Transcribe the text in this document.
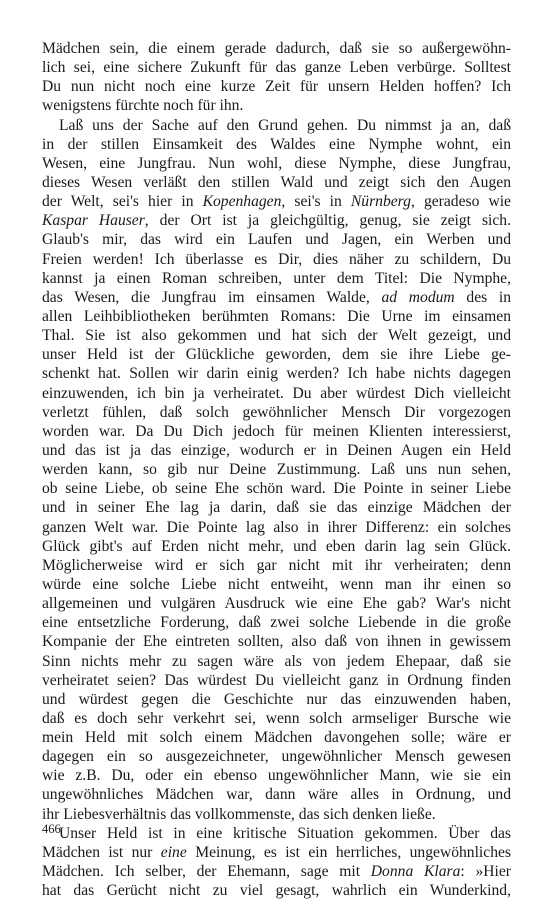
Mädchen sein, die einem gerade dadurch, daß sie so außergewöhn-
lich sei, eine sichere Zukunft für das ganze Leben verbürge. Solltest
Du nun nicht noch eine kurze Zeit für unsern Helden hoffen? Ich
wenigstens fürchte noch für ihn.
Laß uns der Sache auf den Grund gehen. Du nimmst ja an, daß
in der stillen Einsamkeit des Waldes eine Nymphe wohnt, ein
Wesen, eine Jungfrau. Nun wohl, diese Nymphe, diese Jungfrau,
dieses Wesen verläßt den stillen Wald und zeigt sich den Augen
der Welt, sei's hier in Kopenhagen, sei's in Nürnberg, geradeso wie
Kaspar Hauser, der Ort ist ja gleichgültig, genug, sie zeigt sich.
Glaub's mir, das wird ein Laufen und Jagen, ein Werben und
Freien werden! Ich überlasse es Dir, dies näher zu schildern, Du
kannst ja einen Roman schreiben, unter dem Titel: Die Nymphe,
das Wesen, die Jungfrau im einsamen Walde, ad modum des in
allen Leihbibliotheken berühmten Romans: Die Urne im einsamen
Thal. Sie ist also gekommen und hat sich der Welt gezeigt, und
unser Held ist der Glückliche geworden, dem sie ihre Liebe ge-
schenkt hat. Sollen wir darin einig werden? Ich habe nichts dagegen
einzuwenden, ich bin ja verheiratet. Du aber würdest Dich vielleicht
verletzt fühlen, daß solch gewöhnlicher Mensch Dir vorgezogen
worden war. Da Du Dich jedoch für meinen Klienten interessierst,
und das ist ja das einzige, wodurch er in Deinen Augen ein Held
werden kann, so gib nur Deine Zustimmung. Laß uns nun sehen,
ob seine Liebe, ob seine Ehe schön ward. Die Pointe in seiner Liebe
und in seiner Ehe lag ja darin, daß sie das einzige Mädchen der
ganzen Welt war. Die Pointe lag also in ihrer Differenz: ein solches
Glück gibt's auf Erden nicht mehr, und eben darin lag sein Glück.
Möglicherweise wird er sich gar nicht mit ihr verheiraten; denn
würde eine solche Liebe nicht entweiht, wenn man ihr einen so
allgemeinen und vulgären Ausdruck wie eine Ehe gab? War's nicht
eine entsetzliche Forderung, daß zwei solche Liebende in die große
Kompanie der Ehe eintreten sollten, also daß von ihnen in gewissem
Sinn nichts mehr zu sagen wäre als von jedem Ehepaar, daß sie
verheiratet seien? Das würdest Du vielleicht ganz in Ordnung finden
und würdest gegen die Geschichte nur das einzuwenden haben,
daß es doch sehr verkehrt sei, wenn solch armseliger Bursche wie
mein Held mit solch einem Mädchen davongehen solle; wäre er
dagegen ein so ausgezeichneter, ungewöhnlicher Mensch gewesen
wie z.B. Du, oder ein ebenso ungewöhnlicher Mann, wie sie ein
ungewöhnliches Mädchen war, dann wäre alles in Ordnung, und
ihr Liebesverhältnis das vollkommenste, das sich denken ließe.
Unser Held ist in eine kritische Situation gekommen. Über das
Mädchen ist nur eine Meinung, es ist ein herrliches, ungewöhnliches
Mädchen. Ich selber, der Ehemann, sage mit Donna Klara: »Hier
hat das Gerücht nicht zu viel gesagt, wahrlich ein Wunderkind,
466
